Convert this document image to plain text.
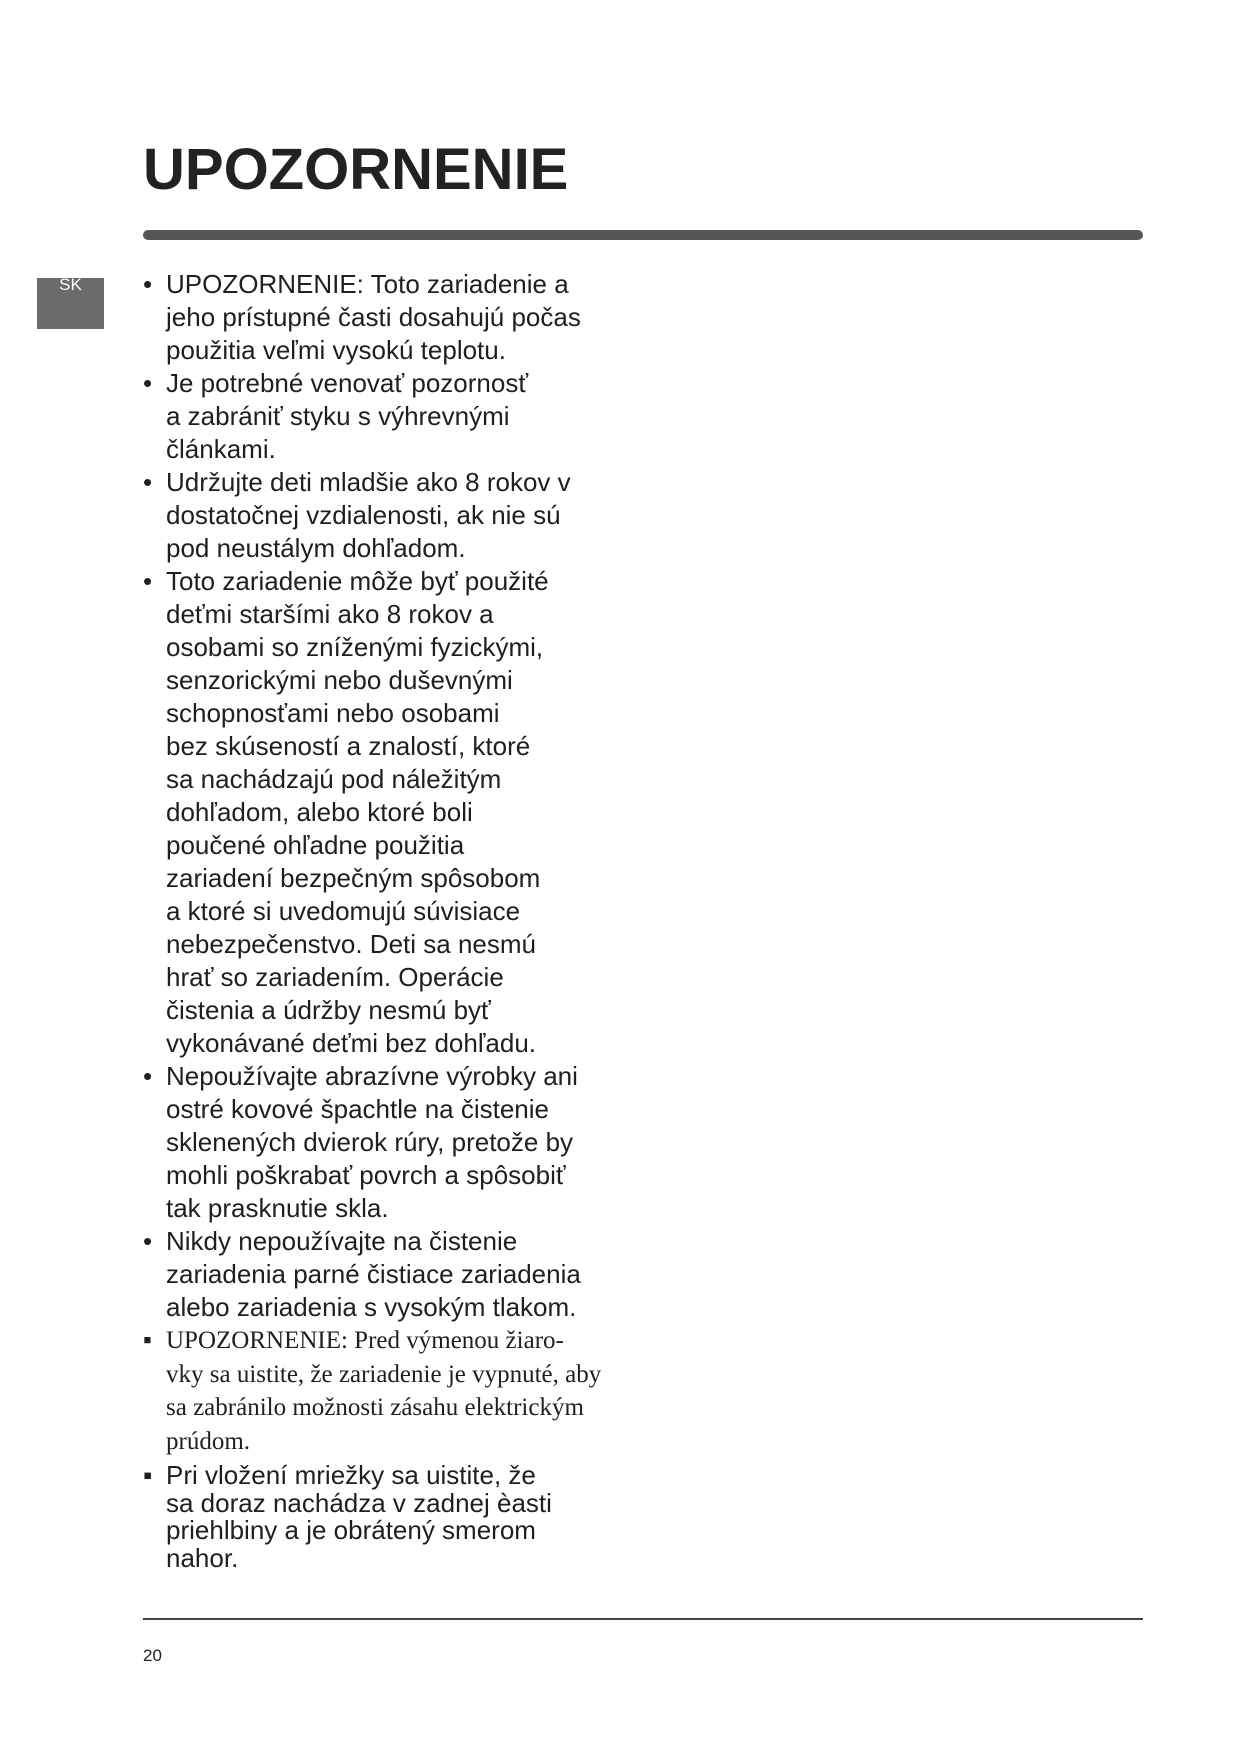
UPOZORNENIE
SK	• UPOZORNENIE: Toto zariadenie a
jeho prístupné časti dosahujú počas
použitia veľmi vysokú teplotu.
• Je potrebné venovať pozornosť
a zabrániť styku s výhrevnými
článkami.
• Udržujte deti mladšie ako 8 rokov v
dostatočnej vzdialenosti, ak nie sú
pod neustálym dohľadom.
• Toto zariadenie môže byť použité
deťmi staršími ako 8 rokov a
osobami so zníženými fyzickými,
senzorickými nebo duševnými
schopnosťami nebo osobami
bez skúseností a znalostí, ktoré
sa nachádzajú pod náležitým
dohľadom, alebo ktoré boli
poučené ohľadne použitia
zariadení bezpečným spôsobom
a ktoré si uvedomujú súvisiace
nebezpečenstvo. Deti sa nesmú
hrať so zariadením. Operácie
čistenia a údržby nesmú byť
vykonávané deťmi bez dohľadu.
• Nepoužívajte abrazívne výrobky ani
ostré kovové špachtle na čistenie
sklenených dvierok rúry, pretože by
mohli poškrabať povrch a spôsobiť
tak prasknutie skla.
• Nikdy nepoužívajte na čistenie
zariadenia parné čistiace zariadenia
alebo zariadenia s vysokým tlakom.
▪ UPOZORNENIE: Pred výmenou žiaro-
vky sa uistite, že zariadenie je vypnuté, aby
sa zabránilo možnosti zásahu elektrickým
prúdom.
▪ Pri vložení mriežky sa uistite, že
sa doraz nachádza v zadnej èasti
priehlbiny a je obrátený smerom
nahor.
20
